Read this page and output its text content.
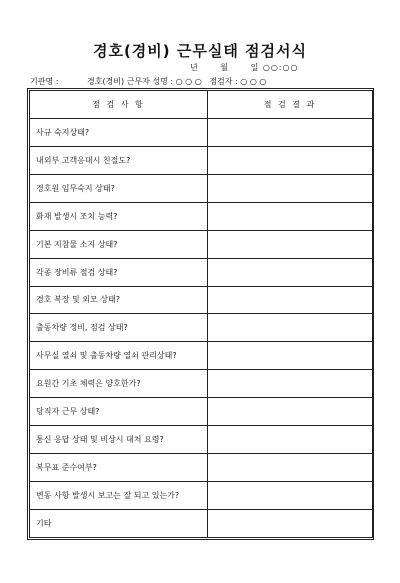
경호(경비) 근무실태 점검서식
년	월	일 ○○:○○
기관명 :	경호(경비) 근무자 성명 : ○ ○ ○ 점검자 : ○ ○ ○
점 검 사 항	점 검 결 과
사규 숙지상태?	
내외부 고객응대시 친절도?	
경호원 임무숙지 상태?	
화재 발생시 조치 능력?	
기본 지참물 소지 상태?	
각종 장비류 점검 상태?	
경호 복장 및 외모 상태?	
출동차량 정비, 점검 상태?	
사무실 열쇠 및 출동차량 열쇠 관리상태?	
요원간 기초 체력은 양호한가?	
당직자 근무 상태?	
통신 응답 상태 및 비상시 대처 요령?	
복무표 준수여부?	
변동 사항 발생시 보고는 잘 되고 있는가?	
기타	
